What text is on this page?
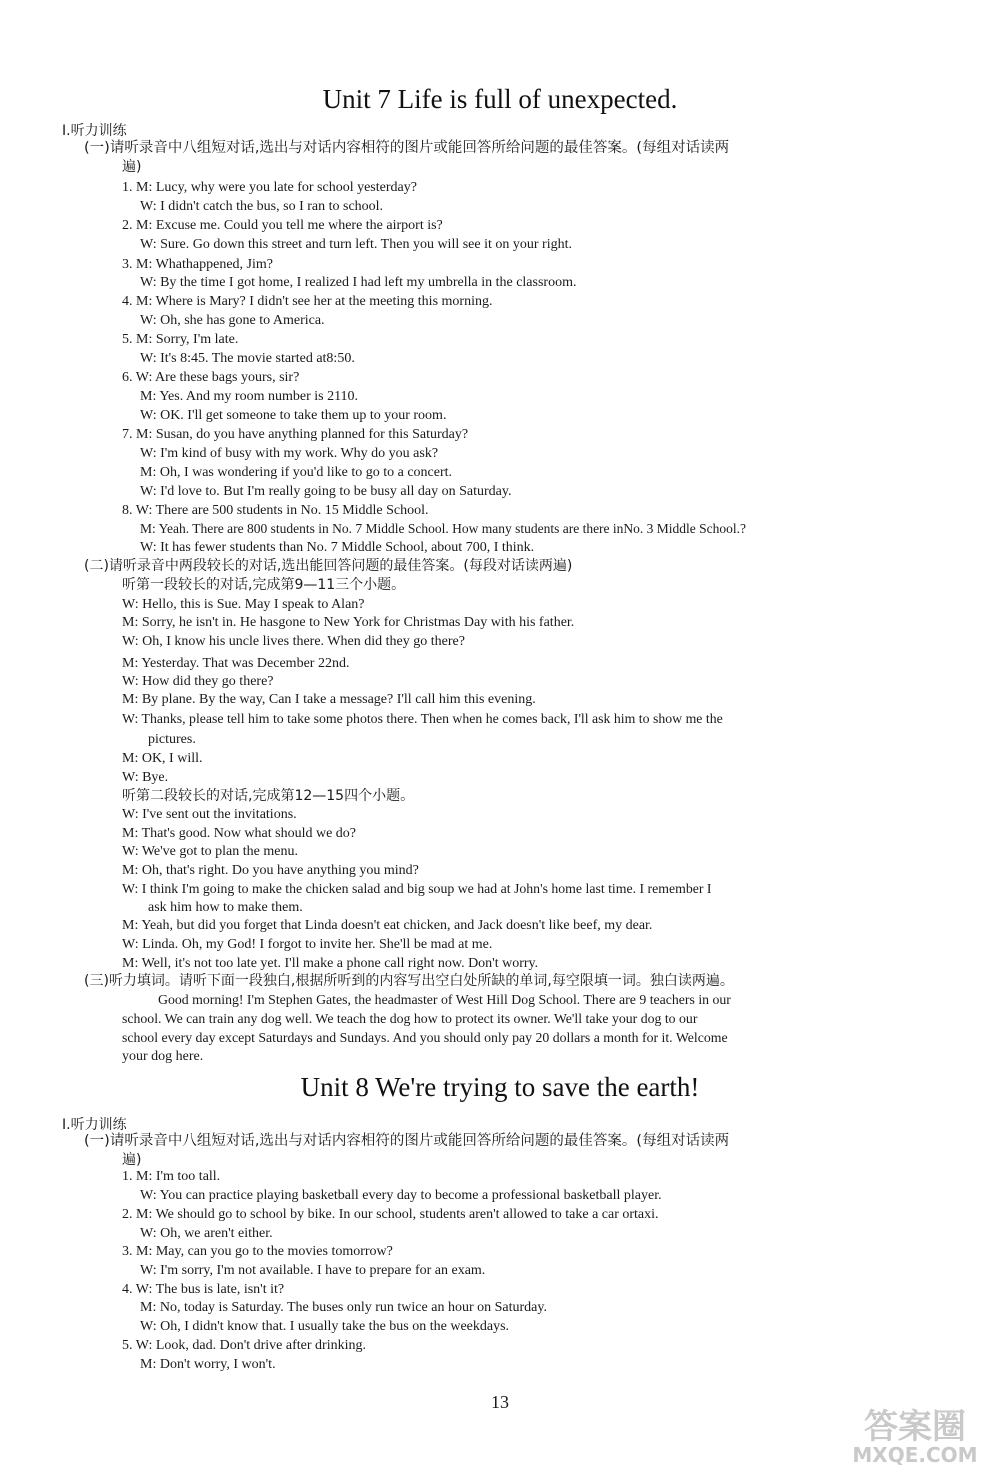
Unit 7 Life is full of unexpected.
Ⅰ.听力训练
(一)请听录音中八组短对话,选出与对话内容相符的图片或能回答所给问题的最佳答案。(每组对话读两
遍)
1. M: Lucy, why were you late for school yesterday?
W: I didn't catch the bus, so I ran to school.
2. M: Excuse me. Could you tell me where the airport is?
W: Sure. Go down this street and turn left. Then you will see it on your right.
3. M: Whathappened, Jim?
W: By the time I got home, I realized I had left my umbrella in the classroom.
4. M: Where is Mary? I didn't see her at the meeting this morning.
W: Oh, she has gone to America.
5. M: Sorry, I'm late.
W: It's 8:45. The movie started at8:50.
6. W: Are these bags yours, sir?
M: Yes. And my room number is 2110.
W: OK. I'll get someone to take them up to your room.
7. M: Susan, do you have anything planned for this Saturday?
W: I'm kind of busy with my work. Why do you ask?
M: Oh, I was wondering if you'd like to go to a concert.
W: I'd love to. But I'm really going to be busy all day on Saturday.
8. W: There are 500 students in No. 15 Middle School.
M: Yeah. There are 800 students in No. 7 Middle School. How many students are there inNo. 3 Middle School.?
W: It has fewer students than No. 7 Middle School, about 700, I think.
(二)请听录音中两段较长的对话,选出能回答问题的最佳答案。(每段对话读两遍)
听第一段较长的对话,完成第9—11三个小题。
W: Hello, this is Sue. May I speak to Alan?
M: Sorry, he isn't in. He hasgone to New York for Christmas Day with his father.
W: Oh, I know his uncle lives there. When did they go there?
M: Yesterday. That was December 22nd.
W: How did they go there?
M: By plane. By the way, Can I take a message? I'll call him this evening.
W: Thanks, please tell him to take some photos there. Then when he comes back, I'll ask him to show me the
pictures.
M: OK, I will.
W: Bye.
听第二段较长的对话,完成第12—15四个小题。
W: I've sent out the invitations.
M: That's good. Now what should we do?
W: We've got to plan the menu.
M: Oh, that's right. Do you have anything you mind?
W: I think I'm going to make the chicken salad and big soup we had at John's home last time. I remember I
ask him how to make them.
M: Yeah, but did you forget that Linda doesn't eat chicken, and Jack doesn't like beef, my dear.
W: Linda. Oh, my God! I forgot to invite her. She'll be mad at me.
M: Well, it's not too late yet. I'll make a phone call right now. Don't worry.
(三)听力填词。请听下面一段独白,根据所听到的内容写出空白处所缺的单词,每空限填一词。独白读两遍。
Good morning! I'm Stephen Gates, the headmaster of West Hill Dog School. There are 9 teachers in our
school. We can train any dog well. We teach the dog how to protect its owner. We'll take your dog to our
school every day except Saturdays and Sundays. And you should only pay 20 dollars a month for it. Welcome
your dog here.
Unit 8 We're trying to save the earth!
Ⅰ.听力训练
(一)请听录音中八组短对话,选出与对话内容相符的图片或能回答所给问题的最佳答案。(每组对话读两
遍)
1. M: I'm too tall.
W: You can practice playing basketball every day to become a professional basketball player.
2. M: We should go to school by bike. In our school, students aren't allowed to take a car ortaxi.
W: Oh, we aren't either.
3. M: May, can you go to the movies tomorrow?
W: I'm sorry, I'm not available. I have to prepare for an exam.
4. W: The bus is late, isn't it?
M: No, today is Saturday. The buses only run twice an hour on Saturday.
W: Oh, I didn't know that. I usually take the bus on the weekdays.
5. W: Look, dad. Don't drive after drinking.
M: Don't worry, I won't.
13
答案圈
MXQE.COM
